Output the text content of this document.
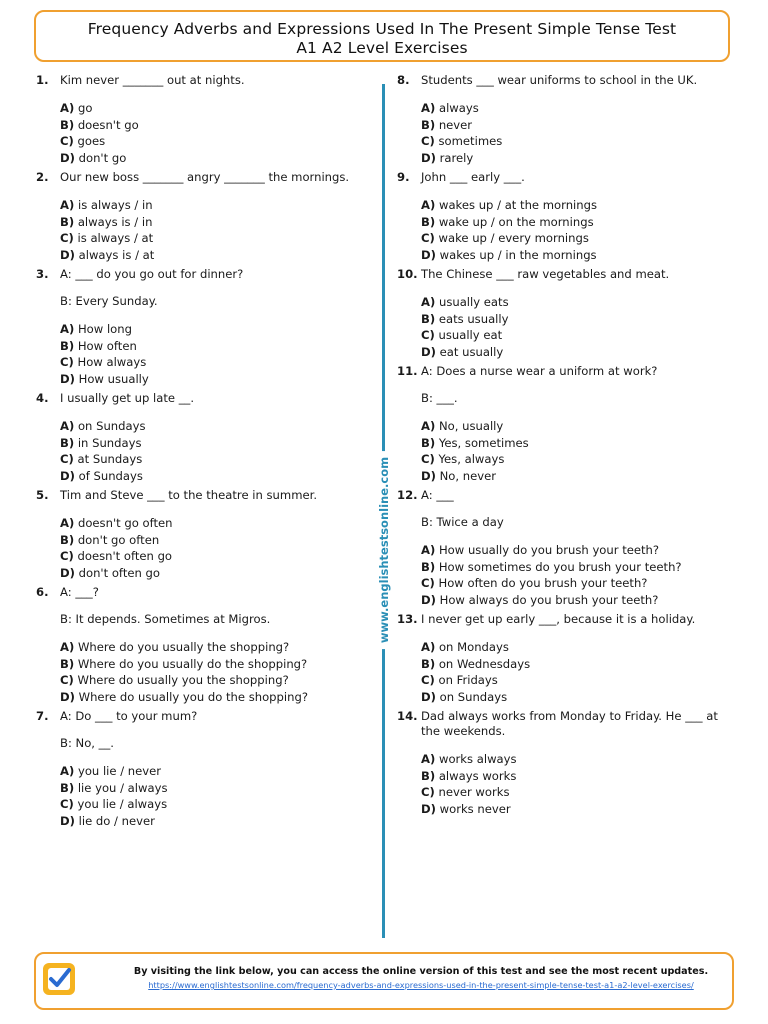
Frequency Adverbs and Expressions Used In The Present Simple Tense Test
A1 A2 Level Exercises
1. Kim never _______ out at nights.
A) go
B) doesn't go
C) goes
D) don't go
2. Our new boss _______ angry _______ the mornings.
A) is always / in
B) always is / in
C) is always / at
D) always is / at
3. A: ___ do you go out for dinner?
B: Every Sunday.
A) How long
B) How often
C) How always
D) How usually
4. I usually get up late __.
A) on Sundays
B) in Sundays
C) at Sundays
D) of Sundays
5. Tim and Steve ___ to the theatre in summer.
A) doesn't go often
B) don't go often
C) doesn't often go
D) don't often go
6. A: ___?
B: It depends. Sometimes at Migros.
A) Where do you usually the shopping?
B) Where do you usually do the shopping?
C) Where do usually you the shopping?
D) Where do usually you do the shopping?
7. A: Do ___ to your mum?
B: No, __.
A) you lie / never
B) lie you / always
C) you lie / always
D) lie do / never
www.englishtestsonline.com
8. Students ___ wear uniforms to school in the UK.
A) always
B) never
C) sometimes
D) rarely
9. John ___ early ___.
A) wakes up / at the mornings
B) wake up / on the mornings
C) wake up / every mornings
D) wakes up / in the mornings
10. The Chinese ___ raw vegetables and meat.
A) usually eats
B) eats usually
C) usually eat
D) eat usually
11. A: Does a nurse wear a uniform at work?
B: ___.
A) No, usually
B) Yes, sometimes
C) Yes, always
D) No, never
12. A: ___
B: Twice a day
A) How usually do you brush your teeth?
B) How sometimes do you brush your teeth?
C) How often do you brush your teeth?
D) How always do you brush your teeth?
13. I never get up early ___, because it is a holiday.
A) on Mondays
B) on Wednesdays
C) on Fridays
D) on Sundays
14. Dad always works from Monday to Friday. He ___ at the weekends.
A) works always
B) always works
C) never works
D) works never
By visiting the link below, you can access the online version of this test and see the most recent updates.
https://www.englishtestsonline.com/frequency-adverbs-and-expressions-used-in-the-present-simple-tense-test-a1-a2-level-exercises/
